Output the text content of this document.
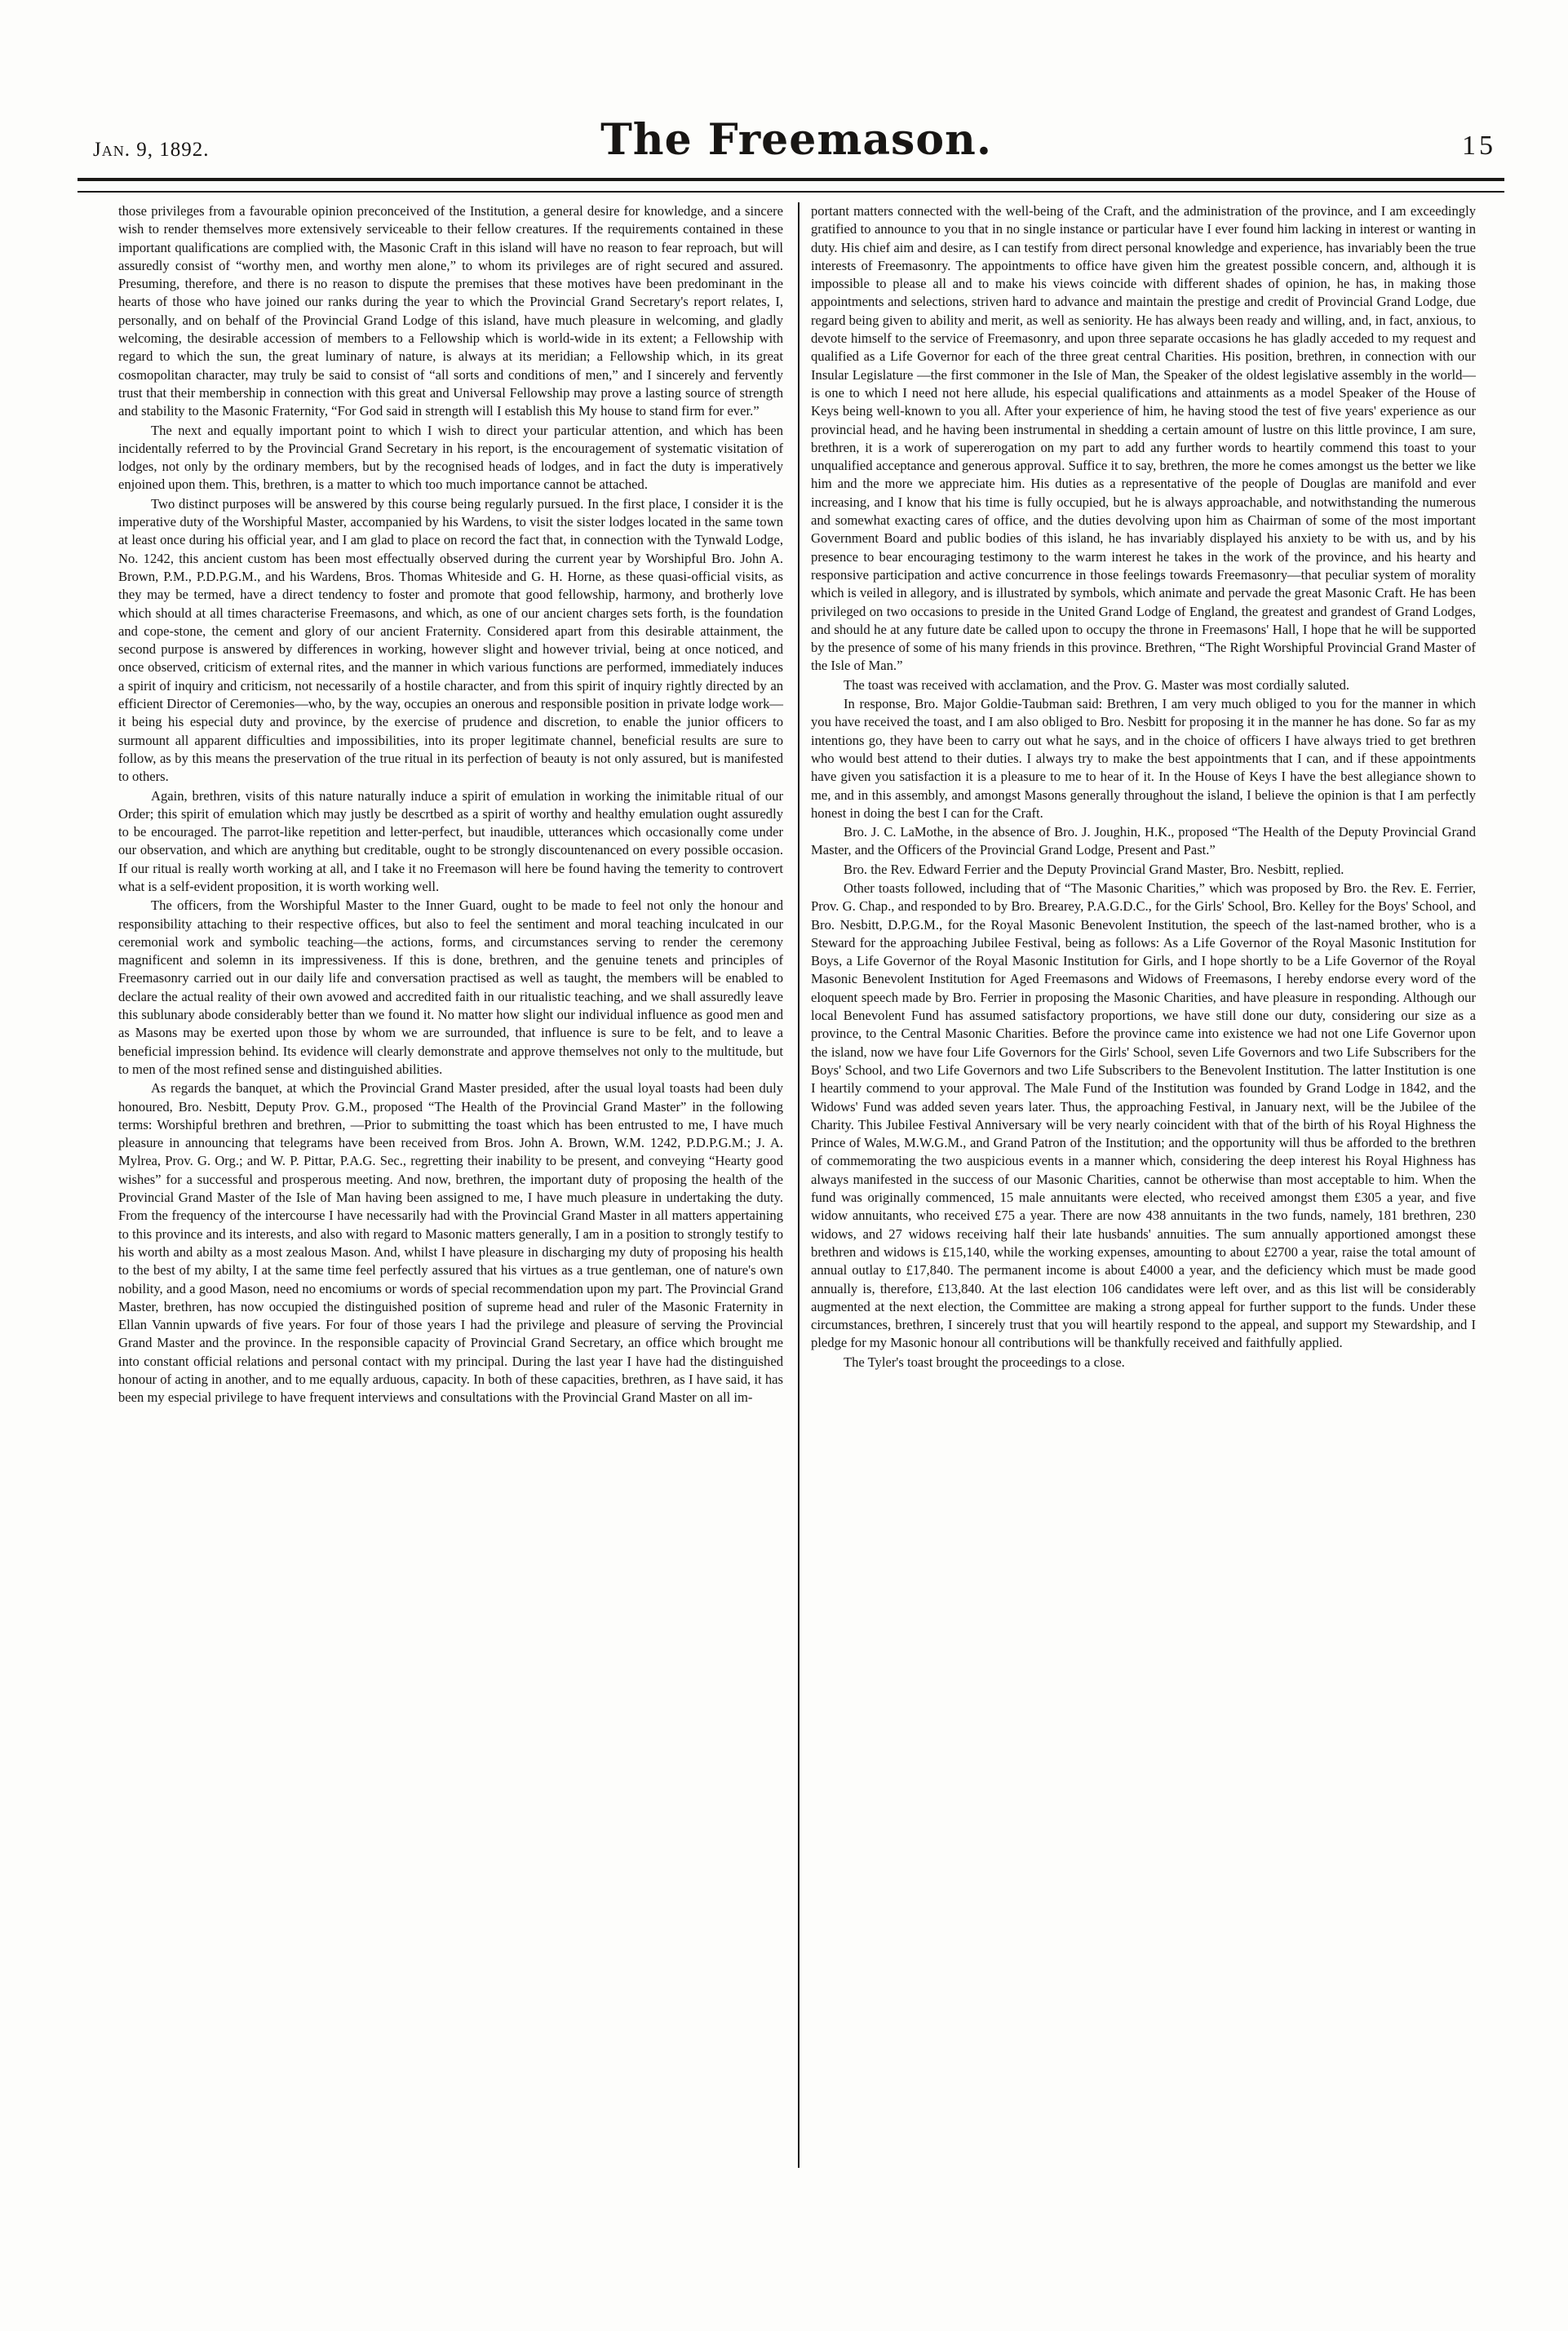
Jan. 9, 1892.	The Freemason.	15

those privileges from a favourable opinion preconceived of the Institution, a general desire for knowledge, and a sincere wish to render themselves more extensively serviceable to their fellow creatures. If the requirements contained in these important qualifications are complied with, the Masonic Craft in this island will have no reason to fear reproach, but will assuredly consist of “worthy men, and worthy men alone,” to whom its privileges are of right secured and assured. Presuming, therefore, and there is no reason to dispute the premises that these motives have been predominant in the hearts of those who have joined our ranks during the year to which the Provincial Grand Secretary's report relates, I, personally, and on behalf of the Provincial Grand Lodge of this island, have much pleasure in welcoming, and gladly welcoming, the desirable accession of members to a Fellowship which is world-wide in its extent; a Fellowship with regard to which the sun, the great luminary of nature, is always at its meridian; a Fellowship which, in its great cosmopolitan character, may truly be said to consist of “all sorts and conditions of men,” and I sincerely and fervently trust that their membership in connection with this great and Universal Fellowship may prove a lasting source of strength and stability to the Masonic Fraternity, “For God said in strength will I establish this My house to stand firm for ever.”

The next and equally important point to which I wish to direct your particular attention, and which has been incidentally referred to by the Provincial Grand Secretary in his report, is the encouragement of systematic visitation of lodges, not only by the ordinary members, but by the recognised heads of lodges, and in fact the duty is imperatively enjoined upon them. This, brethren, is a matter to which too much importance cannot be attached.

Two distinct purposes will be answered by this course being regularly pursued. In the first place, I consider it is the imperative duty of the Worshipful Master, accompanied by his Wardens, to visit the sister lodges located in the same town at least once during his official year, and I am glad to place on record the fact that, in connection with the Tynwald Lodge, No. 1242, this ancient custom has been most effectually observed during the current year by Worshipful Bro. John A. Brown, P.M., P.D.P.G.M., and his Wardens, Bros. Thomas Whiteside and G. H. Horne, as these quasi-official visits, as they may be termed, have a direct tendency to foster and promote that good fellowship, harmony, and brotherly love which should at all times characterise Freemasons, and which, as one of our ancient charges sets forth, is the foundation and cope-stone, the cement and glory of our ancient Fraternity. Considered apart from this desirable attainment, the second purpose is answered by differences in working, however slight and however trivial, being at once noticed, and once observed, criticism of external rites, and the manner in which various functions are performed, immediately induces a spirit of inquiry and criticism, not necessarily of a hostile character, and from this spirit of inquiry rightly directed by an efficient Director of Ceremonies—who, by the way, occupies an onerous and responsible position in private lodge work—it being his especial duty and province, by the exercise of prudence and discretion, to enable the junior officers to surmount all apparent difficulties and impossibilities, into its proper legitimate channel, beneficial results are sure to follow, as by this means the preservation of the true ritual in its perfection of beauty is not only assured, but is manifested to others.

Again, brethren, visits of this nature naturally induce a spirit of emulation in working the inimitable ritual of our Order; this spirit of emulation which may justly be descrtbed as a spirit of worthy and healthy emulation ought assuredly to be encouraged. The parrot-like repetition and letter-perfect, but inaudible, utterances which occasionally come under our observation, and which are anything but creditable, ought to be strongly discountenanced on every possible occasion. If our ritual is really worth working at all, and I take it no Freemason will here be found having the temerity to controvert what is a self-evident proposition, it is worth working well.

The officers, from the Worshipful Master to the Inner Guard, ought to be made to feel not only the honour and responsibility attaching to their respective offices, but also to feel the sentiment and moral teaching inculcated in our ceremonial work and symbolic teaching—the actions, forms, and circumstances serving to render the ceremony magnificent and solemn in its impressiveness. If this is done, brethren, and the genuine tenets and principles of Freemasonry carried out in our daily life and conversation practised as well as taught, the members will be enabled to declare the actual reality of their own avowed and accredited faith in our ritualistic teaching, and we shall assuredly leave this sublunary abode considerably better than we found it. No matter how slight our individual influence as good men and as Masons may be exerted upon those by whom we are surrounded, that influence is sure to be felt, and to leave a beneficial impression behind. Its evidence will clearly demonstrate and approve themselves not only to the multitude, but to men of the most refined sense and distinguished abilities.

As regards the banquet, at which the Provincial Grand Master presided, after the usual loyal toasts had been duly honoured, Bro. Nesbitt, Deputy Prov. G.M., proposed “The Health of the Provincial Grand Master” in the following terms: Worshipful brethren and brethren, —Prior to submitting the toast which has been entrusted to me, I have much pleasure in announcing that telegrams have been received from Bros. John A. Brown, W.M. 1242, P.D.P.G.M.; J. A. Mylrea, Prov. G. Org.; and W. P. Pittar, P.A.G. Sec., regretting their inability to be present, and conveying “Hearty good wishes” for a successful and prosperous meeting. And now, brethren, the important duty of proposing the health of the Provincial Grand Master of the Isle of Man having been assigned to me, I have much pleasure in undertaking the duty. From the frequency of the intercourse I have necessarily had with the Provincial Grand Master in all matters appertaining to this province and its interests, and also with regard to Masonic matters generally, I am in a position to strongly testify to his worth and abilty as a most zealous Mason. And, whilst I have pleasure in discharging my duty of proposing his health to the best of my abilty, I at the same time feel perfectly assured that his virtues as a true gentleman, one of nature's own nobility, and a good Mason, need no encomiums or words of special recommendation upon my part. The Provincial Grand Master, brethren, has now occupied the distinguished position of supreme head and ruler of the Masonic Fraternity in Ellan Vannin upwards of five years. For four of those years I had the privilege and pleasure of serving the Provincial Grand Master and the province. In the responsible capacity of Provincial Grand Secretary, an office which brought me into constant official relations and personal contact with my principal. During the last year I have had the distinguished honour of acting in another, and to me equally arduous, capacity. In both of these capacities, brethren, as I have said, it has been my especial privilege to have frequent interviews and consultations with the Provincial Grand Master on all im-

portant matters connected with the well-being of the Craft, and the administration of the province, and I am exceedingly gratified to announce to you that in no single instance or particular have I ever found him lacking in interest or wanting in duty. His chief aim and desire, as I can testify from direct personal knowledge and experience, has invariably been the true interests of Freemasonry. The appointments to office have given him the greatest possible concern, and, although it is impossible to please all and to make his views coincide with different shades of opinion, he has, in making those appointments and selections, striven hard to advance and maintain the prestige and credit of Provincial Grand Lodge, due regard being given to ability and merit, as well as seniority. He has always been ready and willing, and, in fact, anxious, to devote himself to the service of Freemasonry, and upon three separate occasions he has gladly acceded to my request and qualified as a Life Governor for each of the three great central Charities. His position, brethren, in connection with our Insular Legislature —the first commoner in the Isle of Man, the Speaker of the oldest legislative assembly in the world—is one to which I need not here allude, his especial qualifications and attainments as a model Speaker of the House of Keys being well-known to you all. After your experience of him, he having stood the test of five years' experience as our provincial head, and he having been instrumental in shedding a certain amount of lustre on this little province, I am sure, brethren, it is a work of supererogation on my part to add any further words to heartily commend this toast to your unqualified acceptance and generous approval. Suffice it to say, brethren, the more he comes amongst us the better we like him and the more we appreciate him. His duties as a representative of the people of Douglas are manifold and ever increasing, and I know that his time is fully occupied, but he is always approachable, and notwithstanding the numerous and somewhat exacting cares of office, and the duties devolving upon him as Chairman of some of the most important Government Board and public bodies of this island, he has invariably displayed his anxiety to be with us, and by his presence to bear encouraging testimony to the warm interest he takes in the work of the province, and his hearty and responsive participation and active concurrence in those feelings towards Freemasonry—that peculiar system of morality which is veiled in allegory, and is illustrated by symbols, which animate and pervade the great Masonic Craft. He has been privileged on two occasions to preside in the United Grand Lodge of England, the greatest and grandest of Grand Lodges, and should he at any future date be called upon to occupy the throne in Freemasons' Hall, I hope that he will be supported by the presence of some of his many friends in this province. Brethren, “The Right Worshipful Provincial Grand Master of the Isle of Man.”

The toast was received with acclamation, and the Prov. G. Master was most cordially saluted.

In response, Bro. Major Goldie-Taubman said: Brethren, I am very much obliged to you for the manner in which you have received the toast, and I am also obliged to Bro. Nesbitt for proposing it in the manner he has done. So far as my intentions go, they have been to carry out what he says, and in the choice of officers I have always tried to get brethren who would best attend to their duties. I always try to make the best appointments that I can, and if these appointments have given you satisfaction it is a pleasure to me to hear of it. In the House of Keys I have the best allegiance shown to me, and in this assembly, and amongst Masons generally throughout the island, I believe the opinion is that I am perfectly honest in doing the best I can for the Craft.

Bro. J. C. LaMothe, in the absence of Bro. J. Joughin, H.K., proposed “The Health of the Deputy Provincial Grand Master, and the Officers of the Provincial Grand Lodge, Present and Past.”

Bro. the Rev. Edward Ferrier and the Deputy Provincial Grand Master, Bro. Nesbitt, replied.

Other toasts followed, including that of “The Masonic Charities,” which was proposed by Bro. the Rev. E. Ferrier, Prov. G. Chap., and responded to by Bro. Brearey, P.A.G.D.C., for the Girls' School, Bro. Kelley for the Boys' School, and Bro. Nesbitt, D.P.G.M., for the Royal Masonic Benevolent Institution, the speech of the last-named brother, who is a Steward for the approaching Jubilee Festival, being as follows: As a Life Governor of the Royal Masonic Institution for Boys, a Life Governor of the Royal Masonic Institution for Girls, and I hope shortly to be a Life Governor of the Royal Masonic Benevolent Institution for Aged Freemasons and Widows of Freemasons, I hereby endorse every word of the eloquent speech made by Bro. Ferrier in proposing the Masonic Charities, and have pleasure in responding. Although our local Benevolent Fund has assumed satisfactory proportions, we have still done our duty, considering our size as a province, to the Central Masonic Charities. Before the province came into existence we had not one Life Governor upon the island, now we have four Life Governors for the Girls' School, seven Life Governors and two Life Subscribers for the Boys' School, and two Life Governors and two Life Subscribers to the Benevolent Institution. The latter Institution is one I heartily commend to your approval. The Male Fund of the Institution was founded by Grand Lodge in 1842, and the Widows' Fund was added seven years later. Thus, the approaching Festival, in January next, will be the Jubilee of the Charity. This Jubilee Festival Anniversary will be very nearly coincident with that of the birth of his Royal Highness the Prince of Wales, M.W.G.M., and Grand Patron of the Institution; and the opportunity will thus be afforded to the brethren of commemorating the two auspicious events in a manner which, considering the deep interest his Royal Highness has always manifested in the success of our Masonic Charities, cannot be otherwise than most acceptable to him. When the fund was originally commenced, 15 male annuitants were elected, who received amongst them £305 a year, and five widow annuitants, who received £75 a year. There are now 438 annuitants in the two funds, namely, 181 brethren, 230 widows, and 27 widows receiving half their late husbands' annuities. The sum annually apportioned amongst these brethren and widows is £15,140, while the working expenses, amounting to about £2700 a year, raise the total amount of annual outlay to £17,840. The permanent income is about £4000 a year, and the deficiency which must be made good annually is, therefore, £13,840. At the last election 106 candidates were left over, and as this list will be considerably augmented at the next election, the Committee are making a strong appeal for further support to the funds. Under these circumstances, brethren, I sincerely trust that you will heartily respond to the appeal, and support my Stewardship, and I pledge for my Masonic honour all contributions will be thankfully received and faithfully applied.

The Tyler's toast brought the proceedings to a close.
